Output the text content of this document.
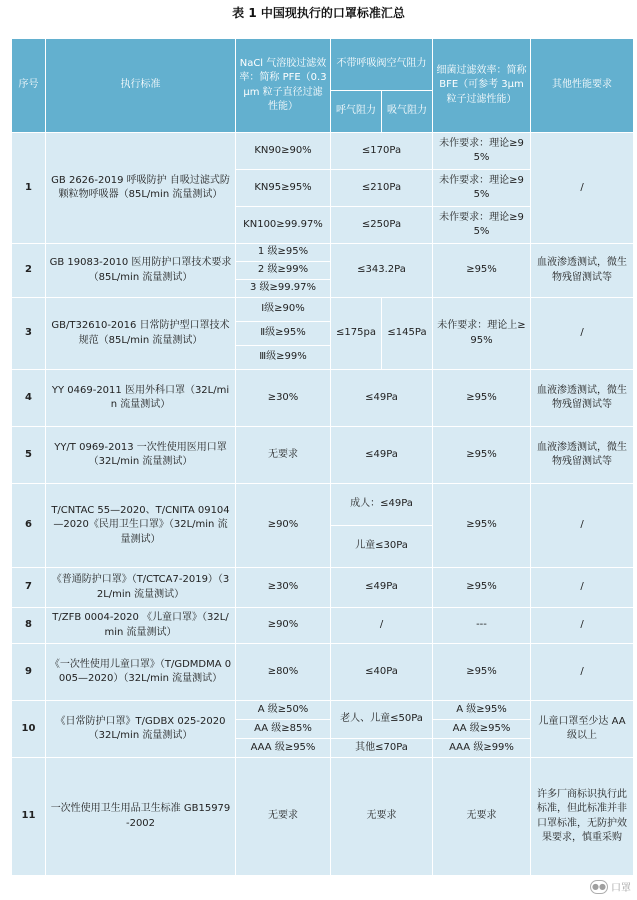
表 1 中国现执行的口罩标准汇总
序号	执行标准	NaCl 气溶胶过滤效率：简称 PFE（0.3μm 粒子直径过滤性能）	不带呼吸阀空气阻力		细菌过滤效率：简称 BFE（可参考 3μm 粒子过滤性能）	其他性能要求
			呼气阻力	吸气阻力		
1	GB 2626-2019 呼吸防护 自吸过滤式防颗粒物呼吸器（85L/min 流量测试）	KN90≥90%	≤170Pa		未作要求：理论≥95%	/
		KN95≥95%	≤210Pa		未作要求：理论≥95%	
		KN100≥99.97%	≤250Pa		未作要求：理论≥95%	
2	GB 19083-2010 医用防护口罩技术要求（85L/min 流量测试）	1 级≥95%	≤343.2Pa		≥95%	血液渗透测试，微生物残留测试等
		2 级≥99%				
		3 级≥99.97%				
3	GB/T32610-2016 日常防护型口罩技术规范（85L/min 流量测试）	Ⅰ级≥90%	≤175pa	≤145Pa	未作要求：理论上≥95%	/
		Ⅱ级≥95%				
		Ⅲ级≥99%				
4	YY 0469-2011 医用外科口罩（32L/min 流量测试）	≥30%	≤49Pa		≥95%	血液渗透测试，微生物残留测试等
5	YY/T 0969-2013 一次性使用医用口罩（32L/min 流量测试）	无要求	≤49Pa		≥95%	血液渗透测试，微生物残留测试等
6	T/CNTAC 55—2020、T/CNITA 09104—2020《民用卫生口罩》（32L/min 流量测试）	≥90%	成人：≤49Pa		≥95%	/
			儿童≤30Pa			
7	《普通防护口罩》（T/CTCA7-2019）（32L/min 流量测试）	≥30%	≤49Pa		≥95%	/
8	T/ZFB 0004-2020 《儿童口罩》（32L/min 流量测试）	≥90%	/		---	/
9	《一次性使用儿童口罩》（T/GDMDMA 0005—2020）（32L/min 流量测试）	≥80%	≤40Pa		≥95%	/
10	《日常防护口罩》T/GDBX 025-2020（32L/min 流量测试）	A 级≥50%	老人、儿童≤50Pa		A 级≥95%	儿童口罩至少达 AA 级以上
		AA 级≥85%			AA 级≥95%	
		AAA 级≥95%	其他≤70Pa		AAA 级≥99%	
11	一次性使用卫生用品卫生标准 GB15979-2002	无要求	无要求		无要求	许多厂商标识执行此标准，但此标准并非口罩标准，无防护效果要求，慎重采购
●● 口罩
